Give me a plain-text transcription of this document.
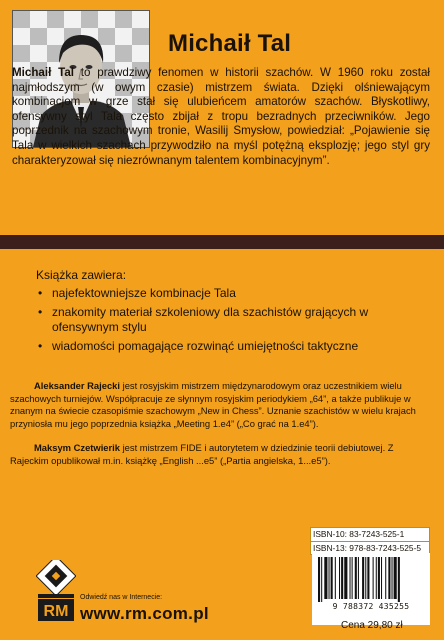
Michaił Tal
Michaił Tal to prawdziwy fenomen w historii szachów. W 1960 roku został najmłodszym (w owym czasie) mistrzem świata. Dzięki olśniewającym kombinacjom w grze stał się ulubieńcem amatorów szachów. Błyskotliwy, ofensywny styl Tala często zbijał z tropu bezradnych przeciwników. Jego poprzednik na szachowym tronie, Wasilij Smysłow, powiedział: „Pojawienie się Tala w wielkich szachach przywodziło na myśl potężną eksplozję; jego styl gry charakteryzował się niezrównanym talentem kombinacyjnym”.
Książka zawiera:
• najefektowniejsze kombinacje Tala
• znakomity materiał szkoleniowy dla szachistów grających w ofensywnym stylu
• wiadomości pomagające rozwinąć umiejętności taktyczne

Aleksander Rajecki jest rosyjskim mistrzem międzynarodowym oraz uczestnikiem wielu szachowych turniejów. Współpracuje ze słynnym rosyjskim periodykiem „64”, a także publikuje w znanym na świecie czasopiśmie szachowym „New in Chess”. Uznanie szachistów w wielu krajach przyniosła mu jego poprzednia książka „Meeting 1.e4” („Co grać na 1.e4”).

Maksym Czetwierik jest mistrzem FIDE i autorytetem w dziedzinie teorii debiutowej. Z Rajeckim opublikował m.in. książkę „English ...e5” („Partia angielska, 1...e5”).

RM
Odwiedź nas w Internecie:
www.rm.com.pl
ISBN-10: 83-7243-525-1
ISBN-13: 978-83-7243-525-5
9 788372 435255
Cena 29,80 zł
